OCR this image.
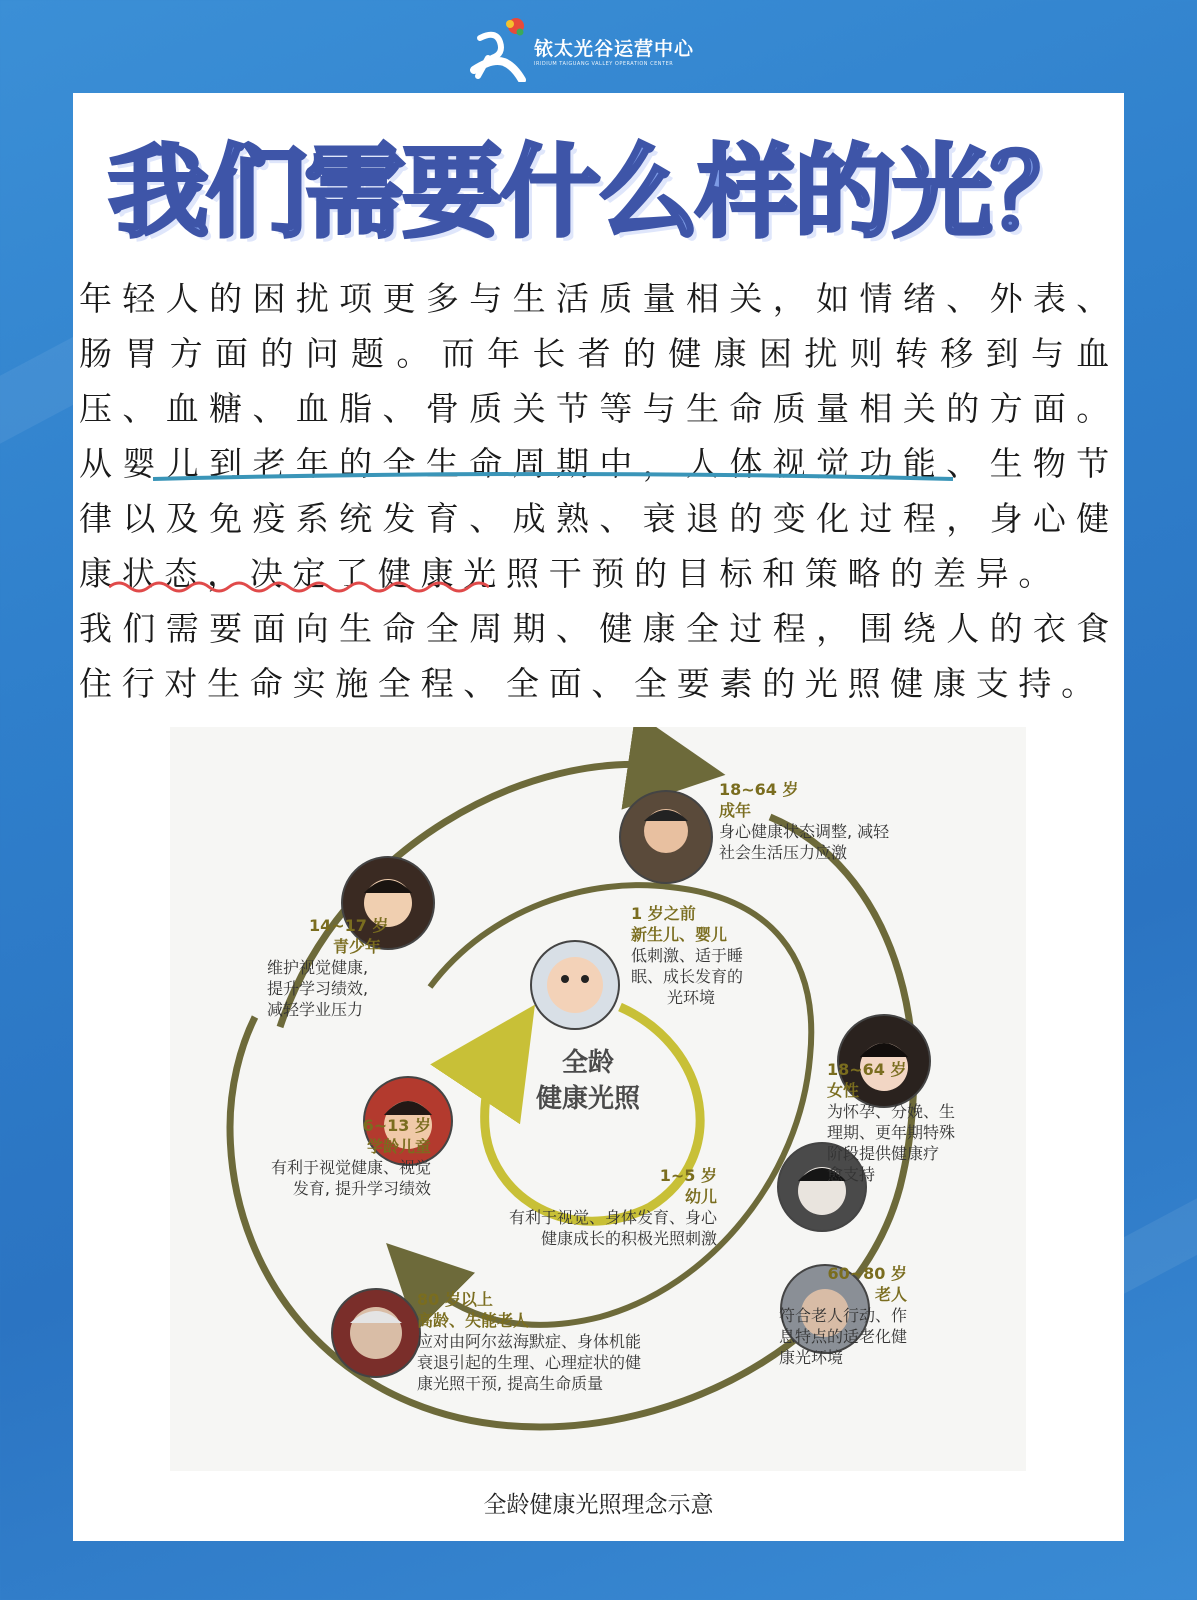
铱太光谷运营中心
IRIDIUM TAIGUANG VALLEY OPERATION CENTER
我们需要什么样的光？
年轻人的困扰项更多与生活质量相关，如情绪、外表、肠胃方面的问题。而年长者的健康困扰则转移到与血压、血糖、血脂、骨质关节等与生命质量相关的方面。从婴儿到老年的全生命周期中，人体视觉功能、生物节律以及免疫系统发育、成熟、衰退的变化过程，身心健康状态，决定了健康光照干预的目标和策略的差异。
我们需要面向生命全周期、健康全过程，围绕人的衣食住行对生命实施全程、全面、全要素的光照健康支持。
全龄
健康光照
18~64 岁
成年
身心健康状态调整, 减轻
社会生活压力应激
14~17 岁
青少年
维护视觉健康,
提升学习绩效,
减轻学业压力
1 岁之前
新生儿、婴儿
低刺激、适于睡
眠、成长发育的
光环境
18~64 岁
女性
为怀孕、分娩、生
理期、更年期特殊
阶段提供健康疗
愈支持
6~13 岁
学龄儿童
有利于视觉健康、视觉
发育, 提升学习绩效
1~5 岁
幼儿
有利于视觉、身体发育、身心
健康成长的积极光照刺激
60~80 岁
老人
符合老人行动、作
息特点的适老化健
康光环境
80 岁以上
高龄、失能老人
应对由阿尔兹海默症、身体机能
衰退引起的生理、心理症状的健
康光照干预, 提高生命质量
全龄健康光照理念示意
